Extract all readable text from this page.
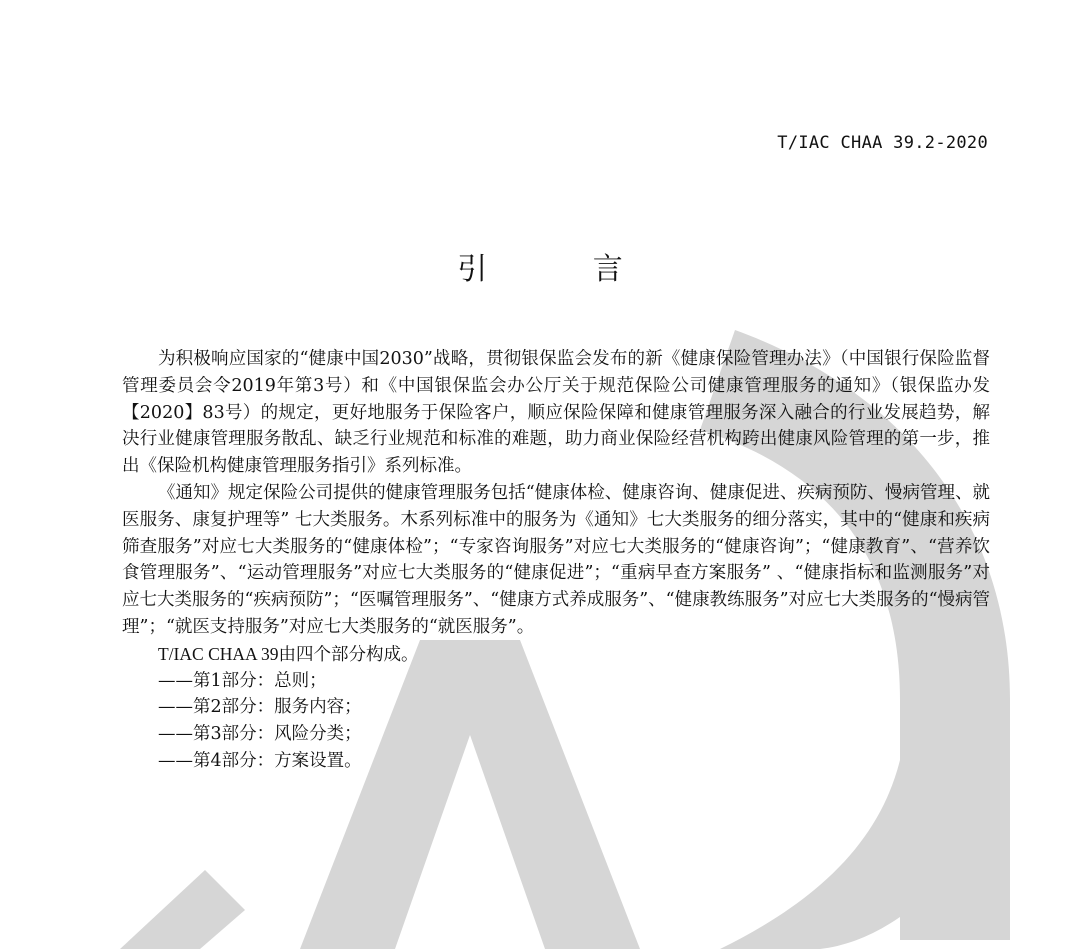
T/IAC CHAA 39.2-2020
引 言

为积极响应国家的“健康中国2030”战略，贯彻银保监会发布的新《健康保险管理办法》（中国银行保险监督管理委员会令2019年第3号）和《中国银保监会办公厅关于规范保险公司健康管理服务的通知》（银保监办发【2020】83号）的规定，更好地服务于保险客户，顺应保险保障和健康管理服务深入融合的行业发展趋势，解决行业健康管理服务散乱、缺乏行业规范和标准的难题，助力商业保险经营机构跨出健康风险管理的第一步，推出《保险机构健康管理服务指引》系列标准。

《通知》规定保险公司提供的健康管理服务包括“健康体检、健康咨询、健康促进、疾病预防、慢病管理、就医服务、康复护理等” 七大类服务。木系列标准中的服务为《通知》七大类服务的细分落实，其中的“健康和疾病筛查服务”对应七大类服务的“健康体检”；“专家咨询服务”对应七大类服务的“健康咨询”；“健康教育”、“营养饮食管理服务”、“运动管理服务”对应七大类服务的“健康促进”；“重病早查方案服务” 、“健康指标和监测服务”对应七大类服务的“疾病预防”；“医嘱管理服务”、“健康方式养成服务”、“健康教练服务”对应七大类服务的“慢病管理”；“就医支持服务”对应七大类服务的“就医服务”。

T/IAC CHAA 39由四个部分构成。

——第1部分：总则；

——第2部分：服务内容；

——第3部分：风险分类；

——第4部分：方案设置。
